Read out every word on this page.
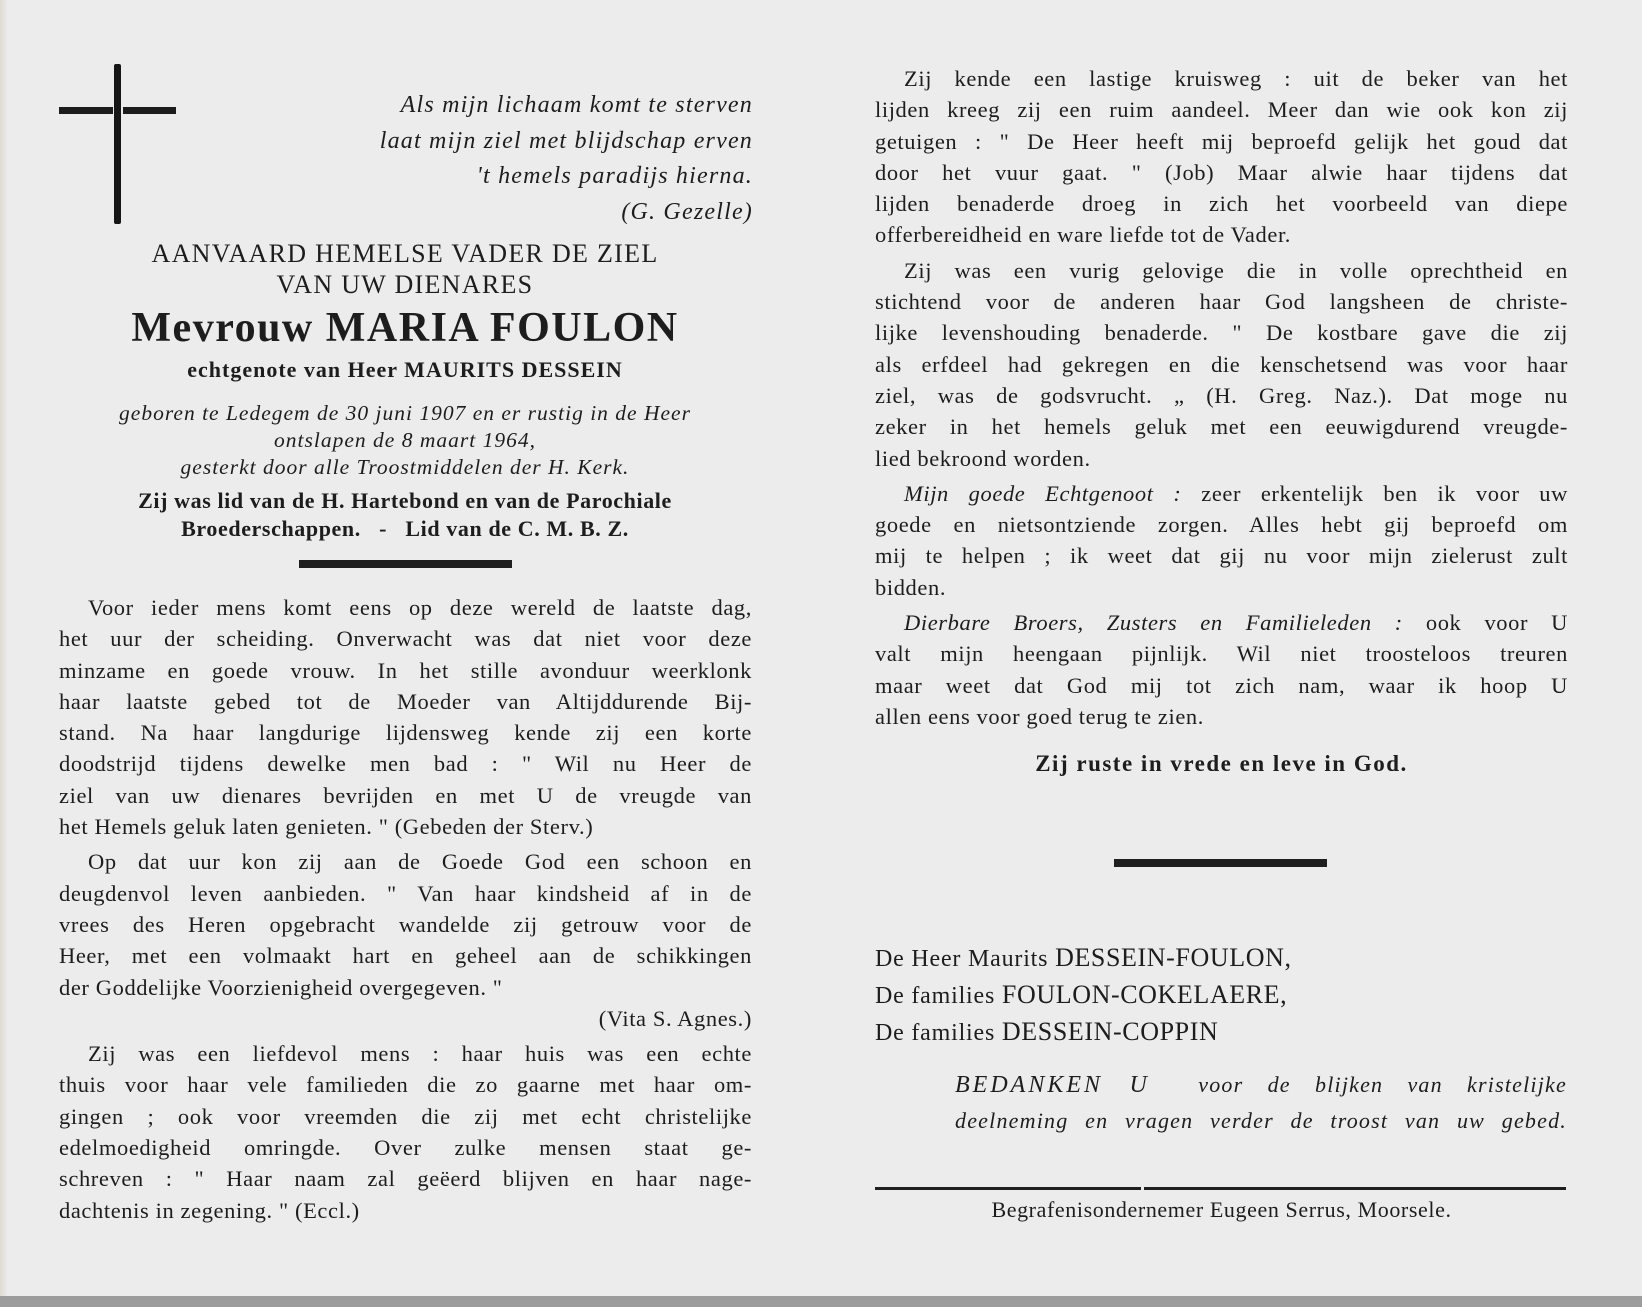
Als mijn lichaam komt te sterven
laat mijn ziel met blijdschap erven
't hemels paradijs hierna.
(G. Gezelle)
AANVAARD HEMELSE VADER DE ZIEL
VAN UW DIENARES
Mevrouw MARIA FOULON
echtgenote van Heer MAURITS DESSEIN
geboren te Ledegem de 30 juni 1907 en er rustig in de Heer
ontslapen de 8 maart 1964,
gesterkt door alle Troostmiddelen der H. Kerk.
Zij was lid van de H. Hartebond en van de Parochiale
Broederschappen.   -   Lid van de C. M. B. Z.
Voor ieder mens komt eens op deze wereld de laatste dag,
het uur der scheiding. Onverwacht was dat niet voor deze
minzame en goede vrouw. In het stille avonduur weerklonk
haar laatste gebed tot de Moeder van Altijddurende Bij-
stand. Na haar langdurige lijdensweg kende zij een korte
doodstrijd tijdens dewelke men bad : " Wil nu Heer de
ziel van uw dienares bevrijden en met U de vreugde van
het Hemels geluk laten genieten. " (Gebeden der Sterv.)
Op dat uur kon zij aan de Goede God een schoon en
deugdenvol leven aanbieden. " Van haar kindsheid af in de
vrees des Heren opgebracht wandelde zij getrouw voor de
Heer, met een volmaakt hart en geheel aan de schikkingen
der Goddelijke Voorzienigheid overgegeven. "
(Vita S. Agnes.)
Zij was een liefdevol mens : haar huis was een echte
thuis voor haar vele familieden die zo gaarne met haar om-
gingen ; ook voor vreemden die zij met echt christelijke
edelmoedigheid omringde. Over zulke mensen staat ge-
schreven : " Haar naam zal geëerd blijven en haar nage-
dachtenis in zegening. " (Eccl.)
Zij kende een lastige kruisweg : uit de beker van het
lijden kreeg zij een ruim aandeel. Meer dan wie ook kon zij
getuigen : " De Heer heeft mij beproefd gelijk het goud dat
door het vuur gaat. " (Job) Maar alwie haar tijdens dat
lijden benaderde droeg in zich het voorbeeld van diepe
offerbereidheid en ware liefde tot de Vader.
Zij was een vurig gelovige die in volle oprechtheid en
stichtend voor de anderen haar God langsheen de christe-
lijke levenshouding benaderde. " De kostbare gave die zij
als erfdeel had gekregen en die kenschetsend was voor haar
ziel, was de godsvrucht. „ (H. Greg. Naz.). Dat moge nu
zeker in het hemels geluk met een eeuwigdurend vreugde-
lied bekroond worden.
Mijn goede Echtgenoot : zeer erkentelijk ben ik voor uw
goede en nietsontziende zorgen. Alles hebt gij beproefd om
mij te helpen ; ik weet dat gij nu voor mijn zielerust zult
bidden.
Dierbare Broers, Zusters en Familieleden : ook voor U
valt mijn heengaan pijnlijk. Wil niet troosteloos treuren
maar weet dat God mij tot zich nam, waar ik hoop U
allen eens voor goed terug te zien.
Zij ruste in vrede en leve in God.
De Heer Maurits DESSEIN-FOULON,
De families FOULON-COKELAERE,
De families DESSEIN-COPPIN
BEDANKEN U  voor de blijken van kristelijke
deelneming en vragen verder de troost van uw gebed.
Begrafenisondernemer Eugeen Serrus, Moorsele.
